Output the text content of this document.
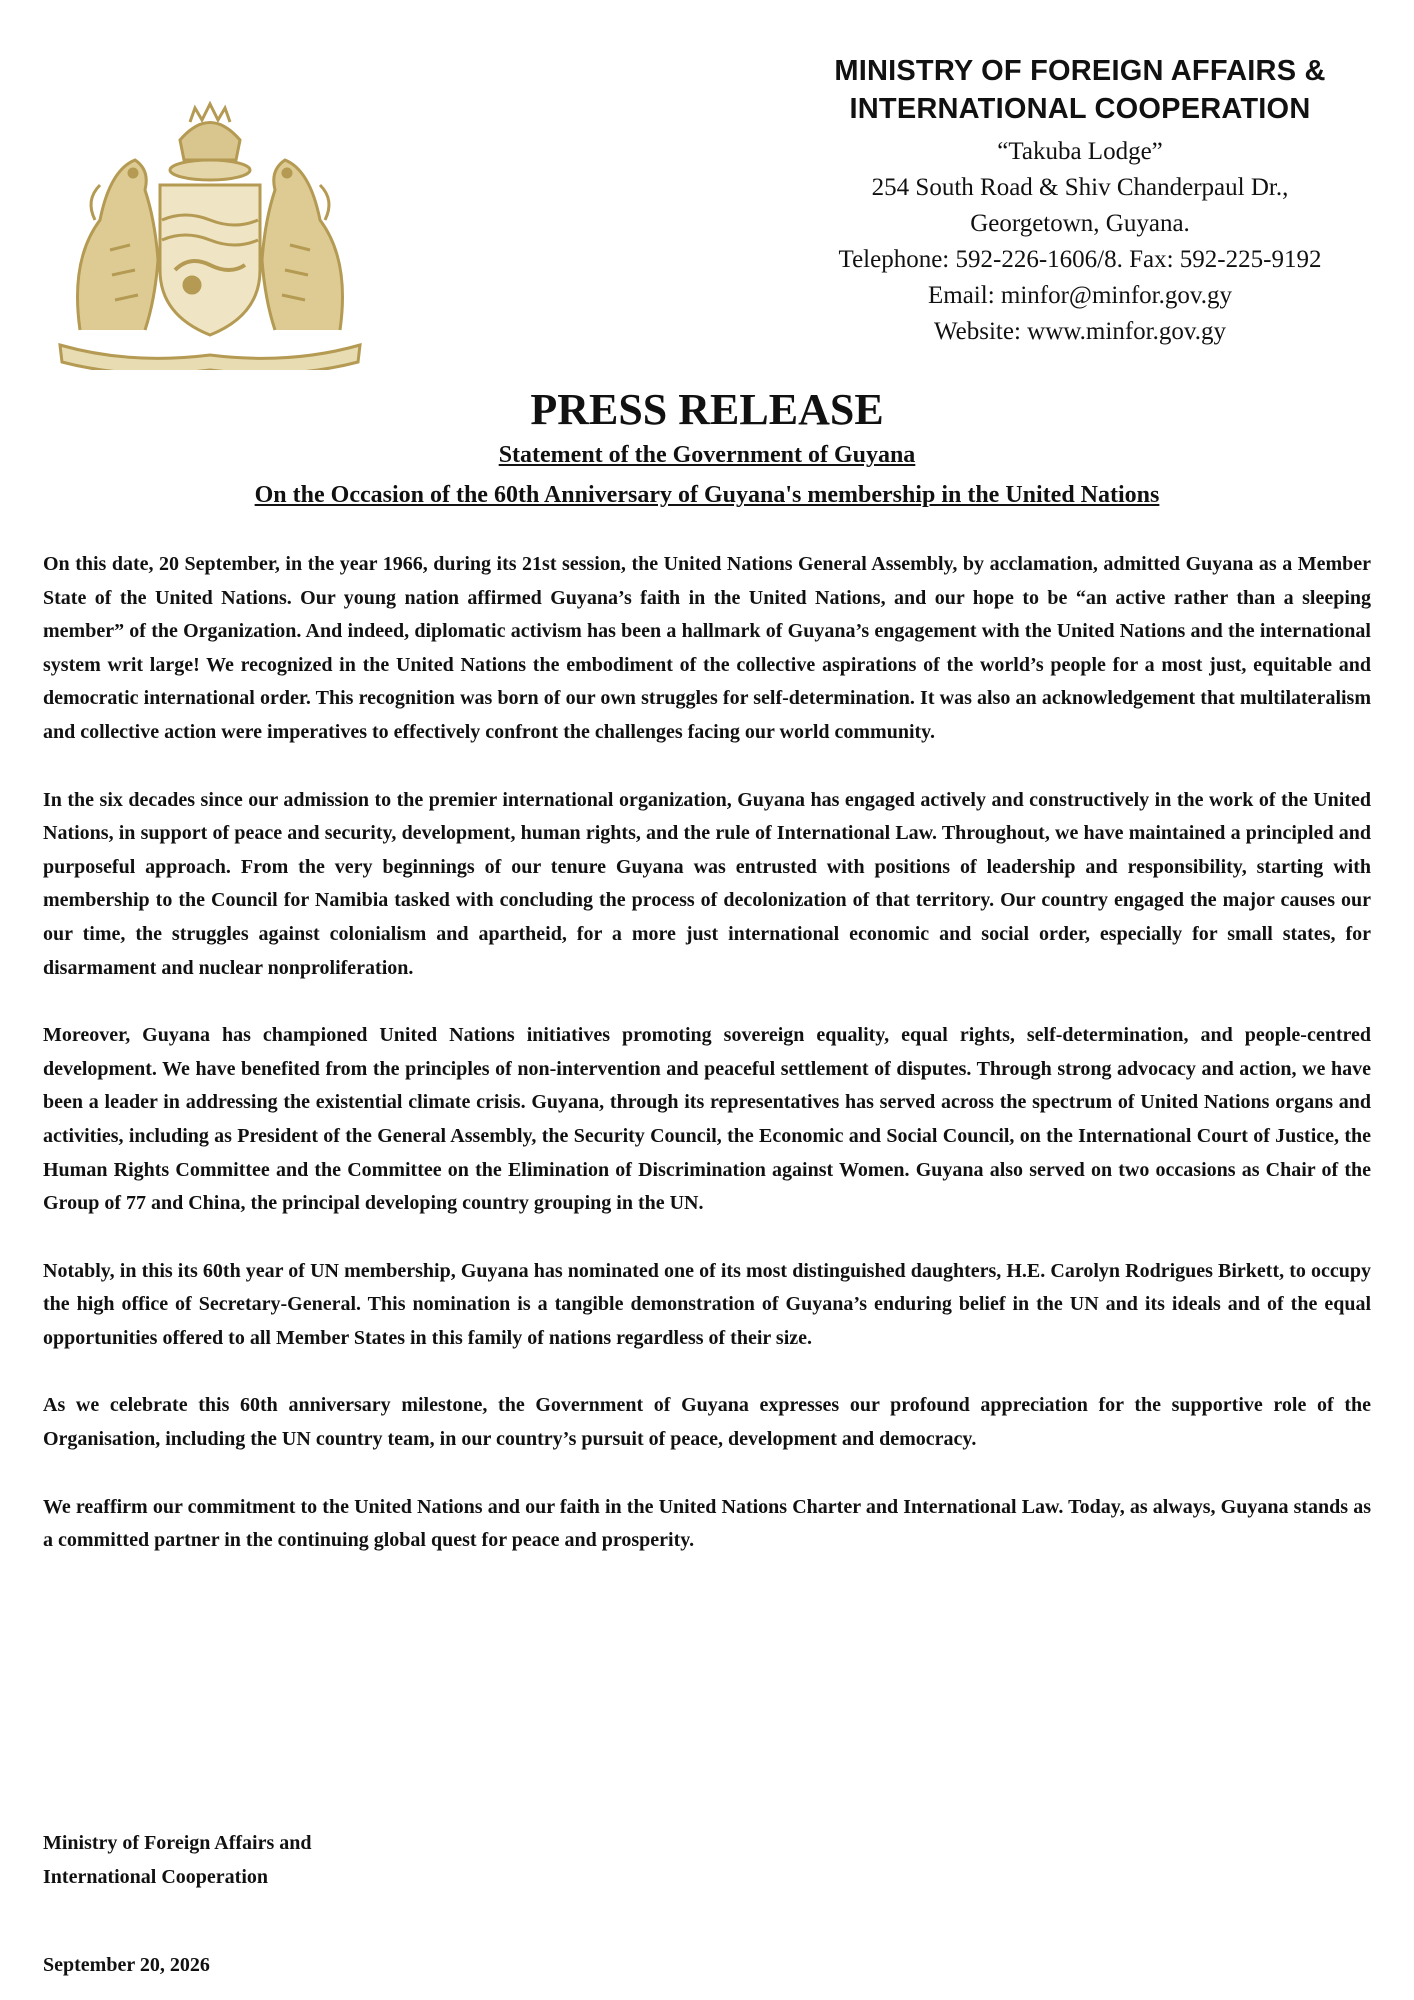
MINISTRY OF FOREIGN AFFAIRS &

INTERNATIONAL COOPERATION

“Takuba Lodge”

254 South Road & Shiv Chanderpaul Dr.,

Georgetown, Guyana.

Telephone: 592-226-1606/8. Fax: 592-225-9192

Email: minfor@minfor.gov.gy

Website: www.minfor.gov.gy

PRESS RELEASE

Statement of the Government of Guyana

On the Occasion of the 60th Anniversary of Guyana's membership in the United Nations

On this date, 20 September, in the year 1966, during its 21st session, the United Nations General Assembly, by acclamation, admitted Guyana as a Member State of the United Nations. Our young nation affirmed Guyana’s faith in the United Nations, and our hope to be “an active rather than a sleeping member” of the Organization. And indeed, diplomatic activism has been a hallmark of Guyana’s engagement with the United Nations and the international system writ large! We recognized in the United Nations the embodiment of the collective aspirations of the world’s people for a most just, equitable and democratic international order. This recognition was born of our own struggles for self-determination. It was also an acknowledgement that multilateralism and collective action were imperatives to effectively confront the challenges facing our world community.

In the six decades since our admission to the premier international organization, Guyana has engaged actively and constructively in the work of the United Nations, in support of peace and security, development, human rights, and the rule of International Law. Throughout, we have maintained a principled and purposeful approach. From the very beginnings of our tenure Guyana was entrusted with positions of leadership and responsibility, starting with membership to the Council for Namibia tasked with concluding the process of decolonization of that territory. Our country engaged the major causes our our time, the struggles against colonialism and apartheid, for a more just international economic and social order, especially for small states, for disarmament and nuclear nonproliferation.

Moreover, Guyana has championed United Nations initiatives promoting sovereign equality, equal rights, self-determination, and people-centred development. We have benefited from the principles of non-intervention and peaceful settlement of disputes. Through strong advocacy and action, we have been a leader in addressing the existential climate crisis. Guyana, through its representatives has served across the spectrum of United Nations organs and activities, including as President of the General Assembly, the Security Council, the Economic and Social Council, on the International Court of Justice, the Human Rights Committee and the Committee on the Elimination of Discrimination against Women. Guyana also served on two occasions as Chair of the Group of 77 and China, the principal developing country grouping in the UN.

Notably, in this its 60th year of UN membership, Guyana has nominated one of its most distinguished daughters, H.E. Carolyn Rodrigues Birkett, to occupy the high office of Secretary-General. This nomination is a tangible demonstration of Guyana’s enduring belief in the UN and its ideals and of the equal opportunities offered to all Member States in this family of nations regardless of their size.

As we celebrate this 60th anniversary milestone, the Government of Guyana expresses our profound appreciation for the supportive role of the Organisation, including the UN country team, in our country’s pursuit of peace, development and democracy.

We reaffirm our commitment to the United Nations and our faith in the United Nations Charter and International Law. Today, as always, Guyana stands as a committed partner in the continuing global quest for peace and prosperity.

Ministry of Foreign Affairs and

International Cooperation

September 20, 2026
